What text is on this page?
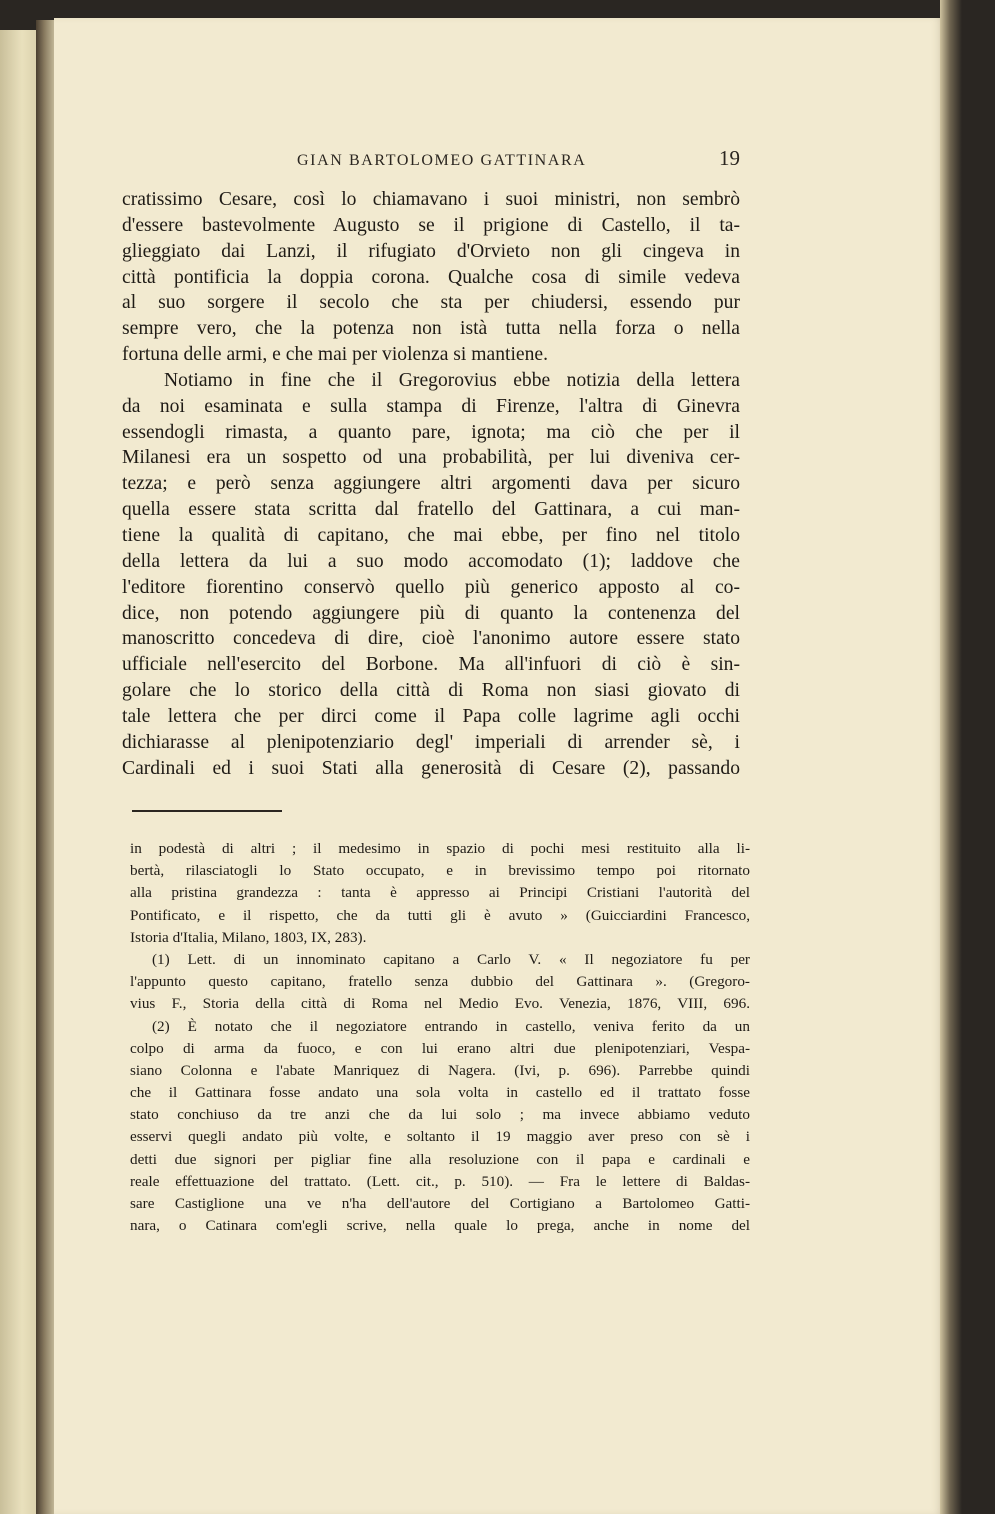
GIAN BARTOLOMEO GATTINARA	19
cratissimo Cesare, così lo chiamavano i suoi ministri, non sembrò
d'essere bastevolmente Augusto se il prigione di Castello, il ta-
glieggiato dai Lanzi, il rifugiato d'Orvieto non gli cingeva in
città pontificia la doppia corona. Qualche cosa di simile vedeva
al suo sorgere il secolo che sta per chiudersi, essendo pur
sempre vero, che la potenza non istà tutta nella forza o nella
fortuna delle armi, e che mai per violenza si mantiene.
Notiamo in fine che il Gregorovius ebbe notizia della lettera
da noi esaminata e sulla stampa di Firenze, l'altra di Ginevra
essendogli rimasta, a quanto pare, ignota; ma ciò che per il
Milanesi era un sospetto od una probabilità, per lui diveniva cer-
tezza; e però senza aggiungere altri argomenti dava per sicuro
quella essere stata scritta dal fratello del Gattinara, a cui man-
tiene la qualità di capitano, che mai ebbe, per fino nel titolo
della lettera da lui a suo modo accomodato (1); laddove che
l'editore fiorentino conservò quello più generico apposto al co-
dice, non potendo aggiungere più di quanto la contenenza del
manoscritto concedeva di dire, cioè l'anonimo autore essere stato
ufficiale nell'esercito del Borbone. Ma all'infuori di ciò è sin-
golare che lo storico della città di Roma non siasi giovato di
tale lettera che per dirci come il Papa colle lagrime agli occhi
dichiarasse al plenipotenziario degl' imperiali di arrender sè, i
Cardinali ed i suoi Stati alla generosità di Cesare (2), passando
in podestà di altri ; il medesimo in spazio di pochi mesi restituito alla li-
bertà, rilasciatogli lo Stato occupato, e in brevissimo tempo poi ritornato
alla pristina grandezza : tanta è appresso ai Principi Cristiani l'autorità del
Pontificato, e il rispetto, che da tutti gli è avuto » (Guicciardini Francesco,
Istoria d'Italia, Milano, 1803, IX, 283).
(1) Lett. di un innominato capitano a Carlo V. « Il negoziatore fu per
l'appunto questo capitano, fratello senza dubbio del Gattinara ». (Gregoro-
vius F., Storia della città di Roma nel Medio Evo. Venezia, 1876, VIII, 696.
(2) È notato che il negoziatore entrando in castello, veniva ferito da un
colpo di arma da fuoco, e con lui erano altri due plenipotenziari, Vespa-
siano Colonna e l'abate Manriquez di Nagera. (Ivi, p. 696). Parrebbe quindi
che il Gattinara fosse andato una sola volta in castello ed il trattato fosse
stato conchiuso da tre anzi che da lui solo ; ma invece abbiamo veduto
esservi quegli andato più volte, e soltanto il 19 maggio aver preso con sè i
detti due signori per pigliar fine alla resoluzione con il papa e cardinali e
reale effettuazione del trattato. (Lett. cit., p. 510). — Fra le lettere di Baldas-
sare Castiglione una ve n'ha dell'autore del Cortigiano a Bartolomeo Gatti-
nara, o Catinara com'egli scrive, nella quale lo prega, anche in nome del
